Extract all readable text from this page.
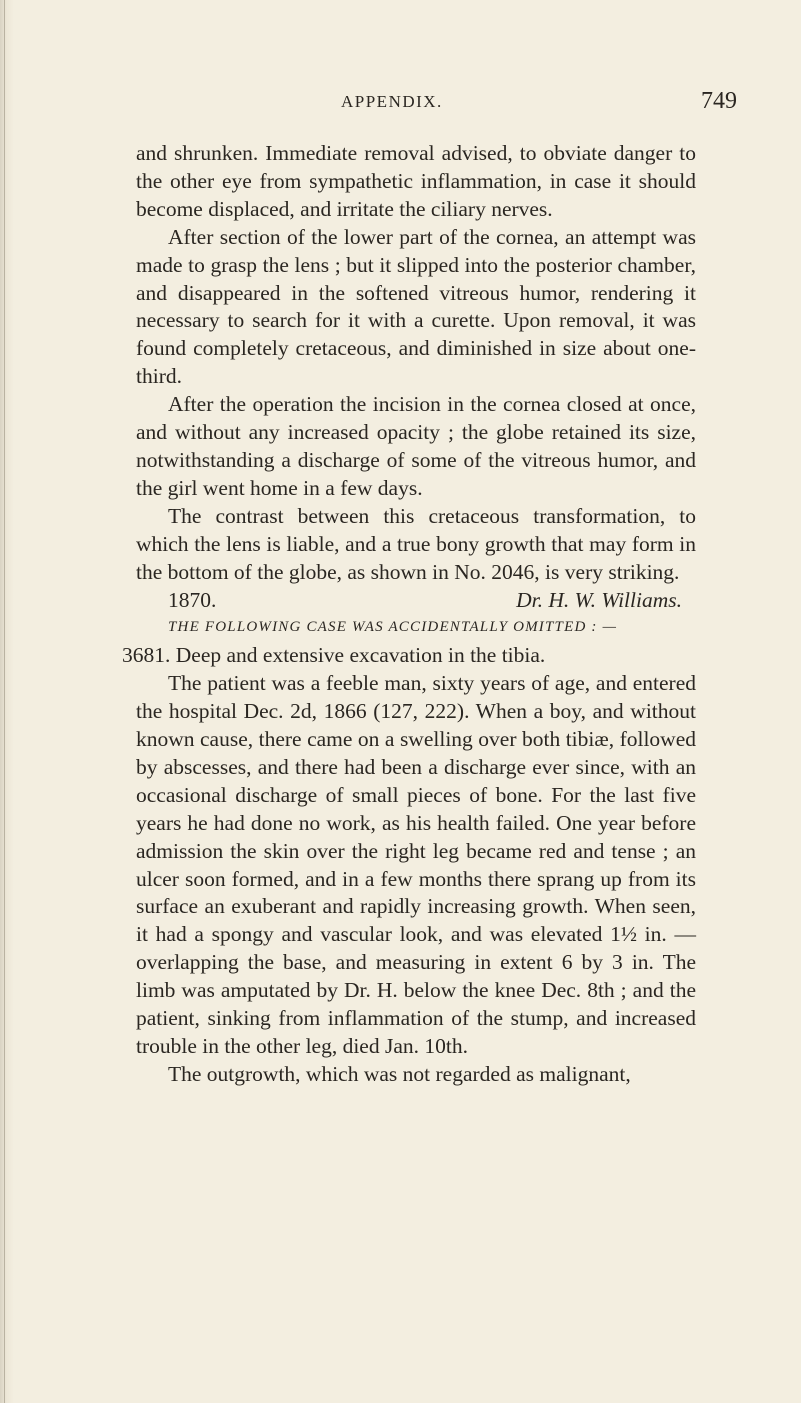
APPENDIX.	749

and shrunken. Immediate removal advised, to obviate danger to the other eye from sympathetic inflammation, in case it should become displaced, and irritate the ciliary nerves.

After section of the lower part of the cornea, an attempt was made to grasp the lens ; but it slipped into the posterior chamber, and disappeared in the softened vitreous humor, rendering it necessary to search for it with a curette. Upon removal, it was found completely cretaceous, and diminished in size about one-third.

After the operation the incision in the cornea closed at once, and without any increased opacity ; the globe retained its size, notwithstanding a discharge of some of the vitreous humor, and the girl went home in a few days.

The contrast between this cretaceous transformation, to which the lens is liable, and a true bony growth that may form in the bottom of the globe, as shown in No. 2046, is very striking.

1870.	Dr. H. W. Williams.

THE FOLLOWING CASE WAS ACCIDENTALLY OMITTED : —

3681. Deep and extensive excavation in the tibia.

The patient was a feeble man, sixty years of age, and entered the hospital Dec. 2d, 1866 (127, 222). When a boy, and without known cause, there came on a swelling over both tibiæ, followed by abscesses, and there had been a discharge ever since, with an occasional discharge of small pieces of bone. For the last five years he had done no work, as his health failed. One year before admission the skin over the right leg became red and tense ; an ulcer soon formed, and in a few months there sprang up from its surface an exuberant and rapidly increasing growth. When seen, it had a spongy and vascular look, and was elevated 1½ in. — overlapping the base, and measuring in extent 6 by 3 in. The limb was amputated by Dr. H. below the knee Dec. 8th ; and the patient, sinking from inflammation of the stump, and increased trouble in the other leg, died Jan. 10th.

The outgrowth, which was not regarded as malignant,
